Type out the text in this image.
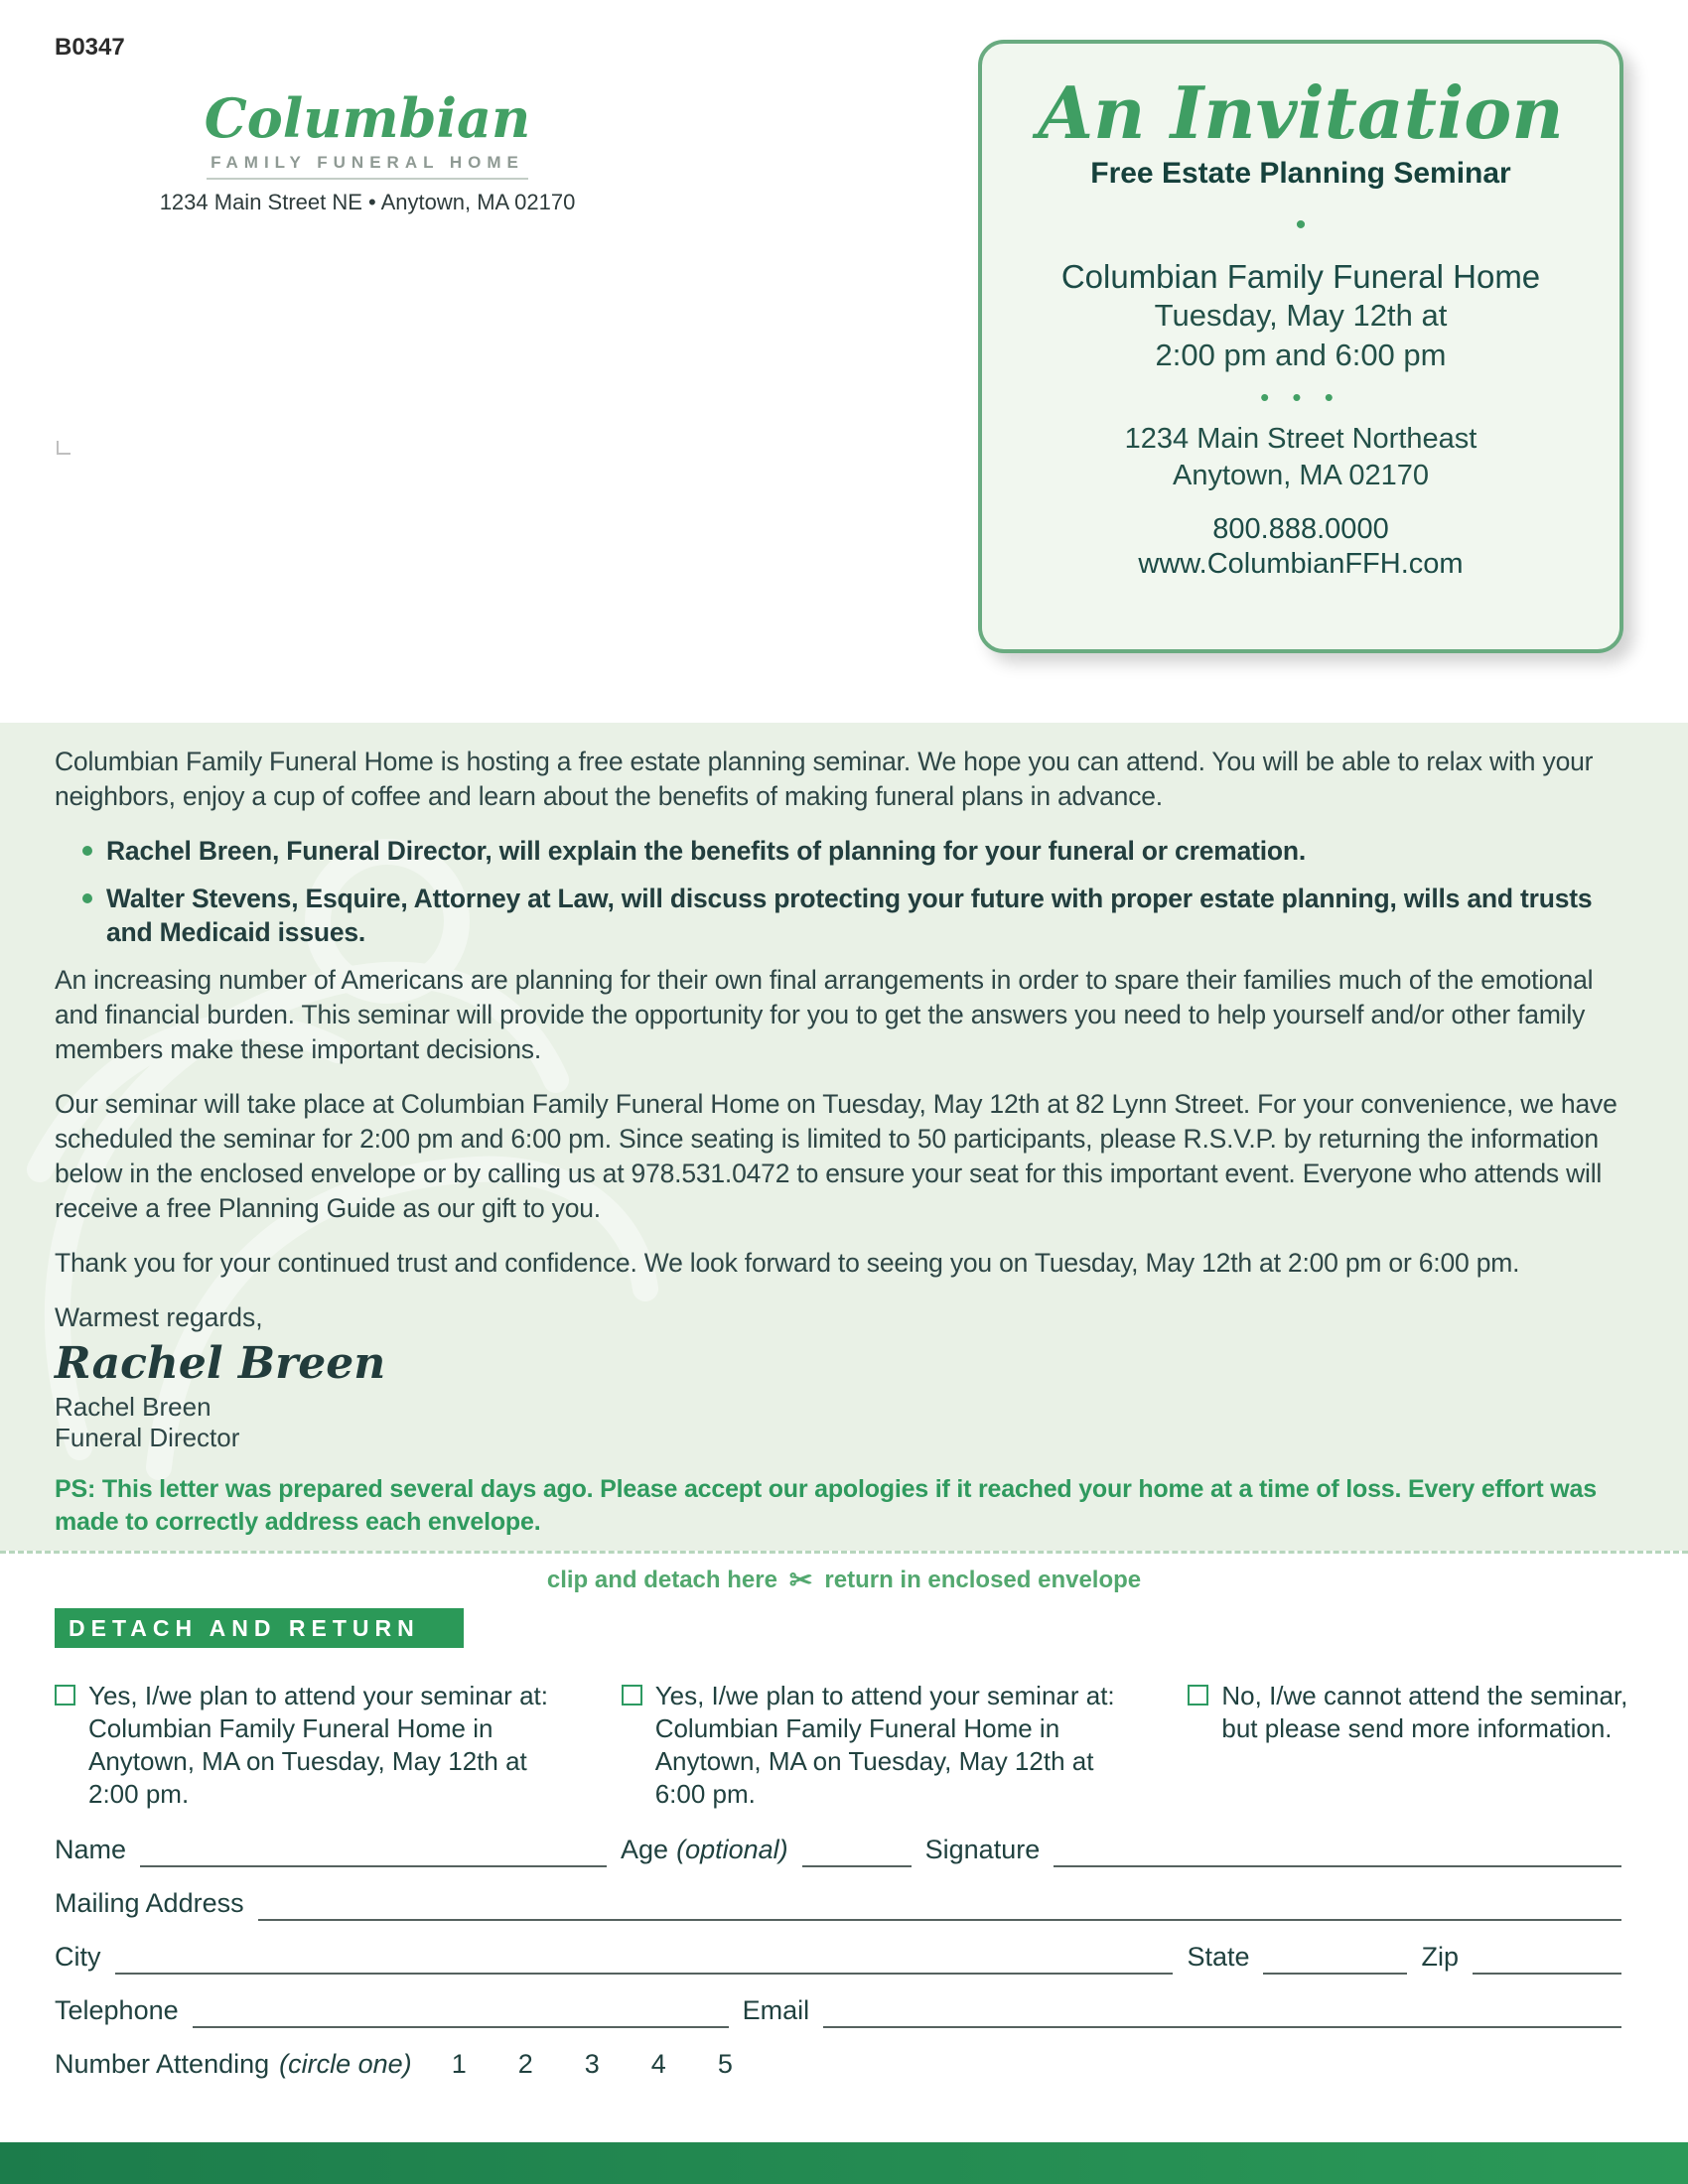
B0347
Columbian
FAMILY FUNERAL HOME
1234 Main Street NE • Anytown, MA 02170
An Invitation
Free Estate Planning Seminar
•
Columbian Family Funeral Home
Tuesday, May 12th at
2:00 pm and 6:00 pm
• • •
1234 Main Street Northeast
Anytown, MA 02170
800.888.0000
www.ColumbianFFH.com

Columbian Family Funeral Home is hosting a free estate planning seminar. We hope you can attend. You will be able to relax with your neighbors, enjoy a cup of coffee and learn about the benefits of making funeral plans in advance.

Rachel Breen, Funeral Director, will explain the benefits of planning for your funeral or cremation.
Walter Stevens, Esquire, Attorney at Law, will discuss protecting your future with proper estate planning, wills and trusts and Medicaid issues.

An increasing number of Americans are planning for their own final arrangements in order to spare their families much of the emotional and financial burden. This seminar will provide the opportunity for you to get the answers you need to help yourself and/or other family members make these important decisions.

Our seminar will take place at Columbian Family Funeral Home on Tuesday, May 12th at 82 Lynn Street. For your convenience, we have scheduled the seminar for 2:00 pm and 6:00 pm. Since seating is limited to 50 participants, please R.S.V.P. by returning the information below in the enclosed envelope or by calling us at 978.531.0472 to ensure your seat for this important event. Everyone who attends will receive a free Planning Guide as our gift to you.

Thank you for your continued trust and confidence. We look forward to seeing you on Tuesday, May 12th at 2:00 pm or 6:00 pm.

Warmest regards,
Rachel Breen
Rachel Breen
Funeral Director
PS: This letter was prepared several days ago. Please accept our apologies if it reached your home at a time of loss. Every effort was made to correctly address each envelope.
clip and detach here ✂ return in enclosed envelope
DETACH AND RETURN
Yes, I/we plan to attend your seminar at: Columbian Family Funeral Home in Anytown, MA on Tuesday, May 12th at 2:00 pm.
Yes, I/we plan to attend your seminar at: Columbian Family Funeral Home in Anytown, MA on Tuesday, May 12th at 6:00 pm.
No, I/we cannot attend the seminar, but please send more information.
Name	Age (optional)	Signature
Mailing Address
City	State	Zip
Telephone	Email
Number Attending (circle one) 1 2 3 4 5
